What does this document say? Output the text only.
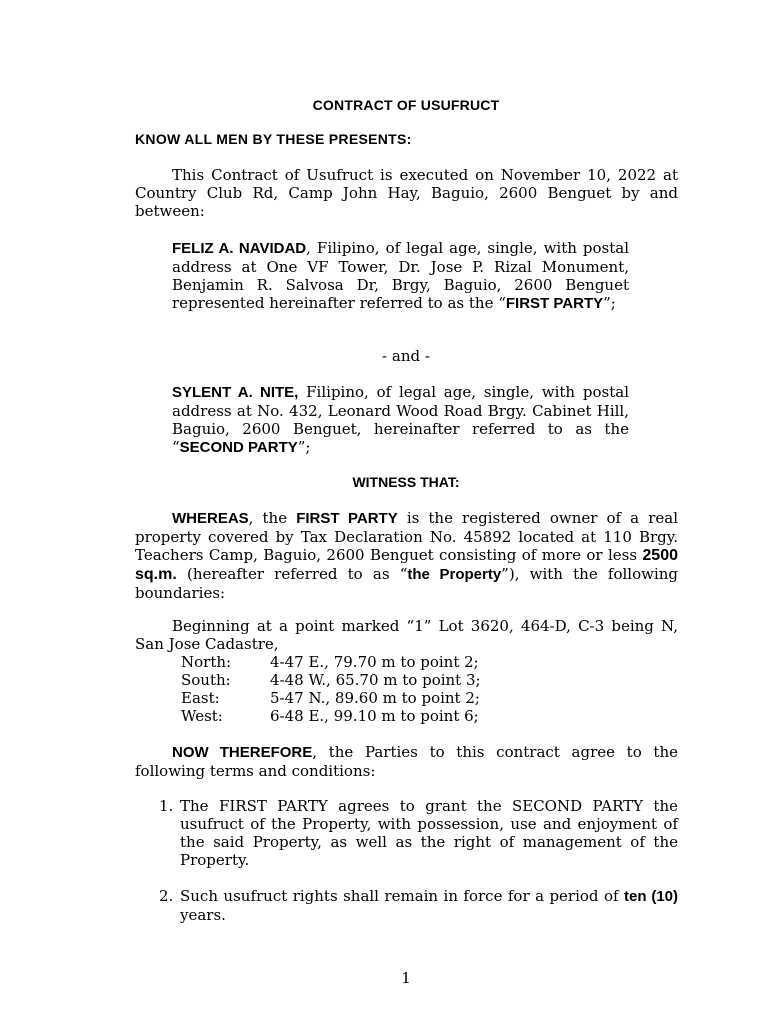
CONTRACT OF USUFRUCT
KNOW ALL MEN BY THESE PRESENTS:
This Contract of Usufruct is executed on November 10, 2022 at Country Club Rd, Camp John Hay, Baguio, 2600 Benguet by and between:
FELIZ A. NAVIDAD, Filipino, of legal age, single, with postal address at One VF Tower, Dr. Jose P. Rizal Monument, Benjamin R. Salvosa Dr, Brgy, Baguio, 2600 Benguet represented hereinafter referred to as the “FIRST PARTY”;
- and -
SYLENT A. NITE, Filipino, of legal age, single, with postal address at No. 432, Leonard Wood Road Brgy. Cabinet Hill, Baguio, 2600 Benguet, hereinafter referred to as the “SECOND PARTY”;
WITNESS THAT:
WHEREAS, the FIRST PARTY is the registered owner of a real property covered by Tax Declaration No. 45892 located at 110 Brgy. Teachers Camp, Baguio, 2600 Benguet consisting of more or less 2500 sq.m. (hereafter referred to as “the Property”), with the following boundaries:
Beginning at a point marked “1” Lot 3620, 464-D, C-3 being N, San Jose Cadastre,
North:	4-47 E., 79.70 m to point 2;
South:	4-48 W., 65.70 m to point 3;
East:	5-47 N., 89.60 m to point 2;
West:	6-48 E., 99.10 m to point 6;
NOW THEREFORE, the Parties to this contract agree to the following terms and conditions:
1. The FIRST PARTY agrees to grant the SECOND PARTY the usufruct of the Property, with possession, use and enjoyment of the said Property, as well as the right of management of the Property.
2. Such usufruct rights shall remain in force for a period of ten (10) years.
1
